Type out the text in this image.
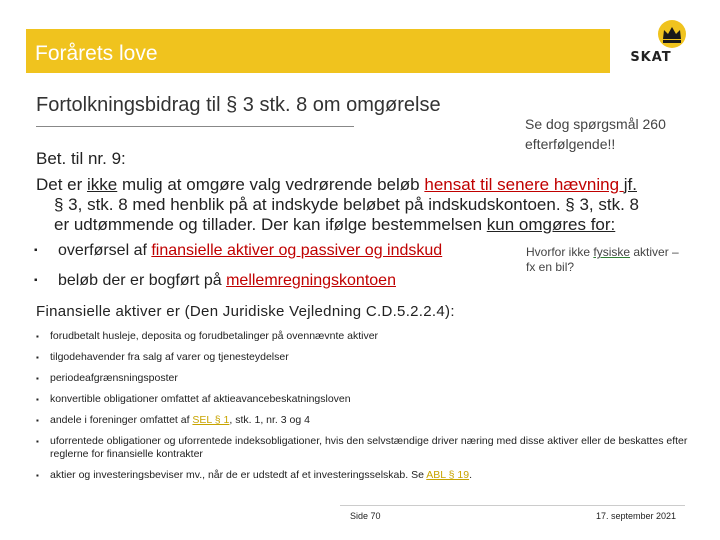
Forårets love	SKAT
Fortolkningsbidrag til § 3 stk. 8 om omgørelse
Se dog spørgsmål 260 efterfølgende!!
Bet. til nr. 9:
Det er ikke mulig at omgøre valg vedrørende beløb hensat til senere hævning jf.
§ 3, stk. 8 med henblik på at indskyde beløbet på indskudskontoen. § 3, stk. 8
er udtømmende og tillader. Der kan ifølge bestemmelsen kun omgøres for:
▪ overførsel af finansielle aktiver og passiver og indskud
▪ beløb der er bogført på mellemregningskontoen
Hvorfor ikke fysiske aktiver – fx en bil?
Finansielle aktiver er (Den Juridiske Vejledning C.D.5.2.2.4):
▪ forudbetalt husleje, deposita og forudbetalinger på ovennævnte aktiver
▪ tilgodehavender fra salg af varer og tjenesteydelser
▪ periodeafgrænsningsposter
▪ konvertible obligationer omfattet af aktieavancebeskatningsloven
▪ andele i foreninger omfattet af SEL § 1, stk. 1, nr. 3 og 4
▪ uforrentede obligationer og uforrentede indeksobligationer, hvis den selvstændige driver næring med disse aktiver eller de beskattes efter reglerne for finansielle kontrakter
▪ aktier og investeringsbeviser mv., når de er udstedt af et investeringsselskab. Se ABL § 19.
Side 70	17. september 2021
